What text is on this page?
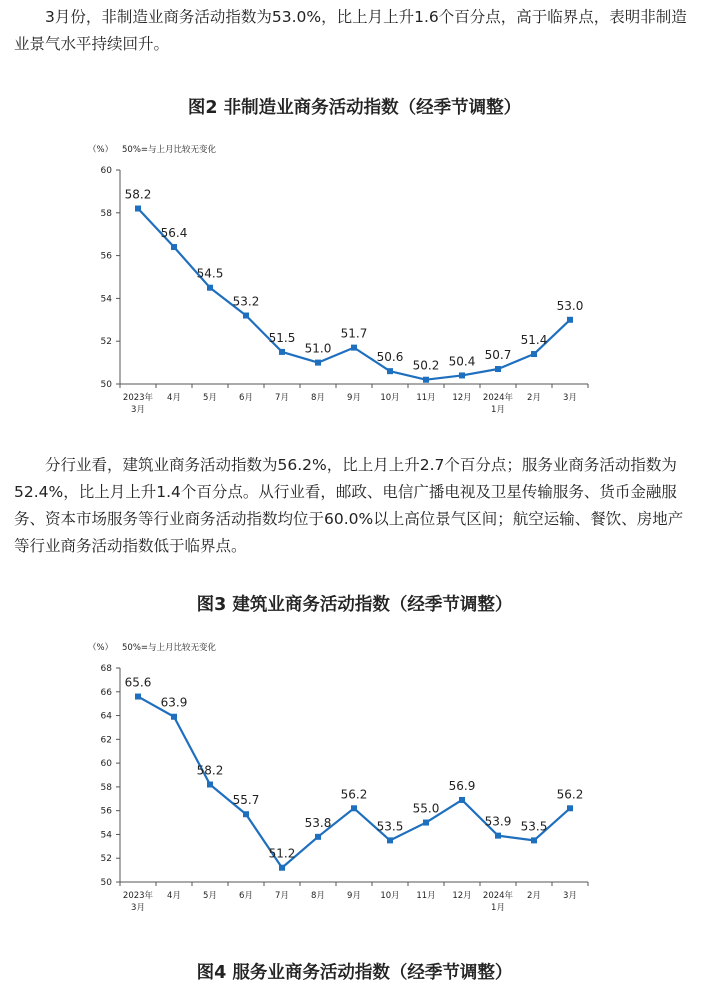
3月份，非制造业商务活动指数为53.0%，比上月上升1.6个百分点，高于临界点，表明非制造业景气水平持续回升。

图2 非制造业商务活动指数（经季节调整）

（%） 50%=与上月比较无变化
50
52
54
56
58
60
2023年
3月
4月	5月	6月	7月	8月	9月 10月 11月 12月 2024年
1月
2月	3月
58.2
56.4
54.5
53.2
51.5
51.0
51.7
50.6
50.2 50.4 50.7
51.4
53.0

分行业看，建筑业商务活动指数为56.2%，比上月上升2.7个百分点；服务业商务活动指数为52.4%，比上月上升1.4个百分点。从行业看，邮政、电信广播电视及卫星传输服务、货币金融服务、资本市场服务等行业商务活动指数均位于60.0%以上高位景气区间；航空运输、餐饮、房地产等行业商务活动指数低于临界点。

图3 建筑业商务活动指数（经季节调整）

（%） 50%=与上月比较无变化
50
52
54
56
58
60
62
64
66
68
2023年
3月
4月	5月	6月	7月	8月	9月 10月 11月 12月 2024年
1月
2月	3月
65.6
63.9
58.2
55.7
51.2
53.8
56.2
53.5
55.0
56.9
53.9 53.5
56.2

图4 服务业商务活动指数（经季节调整）
